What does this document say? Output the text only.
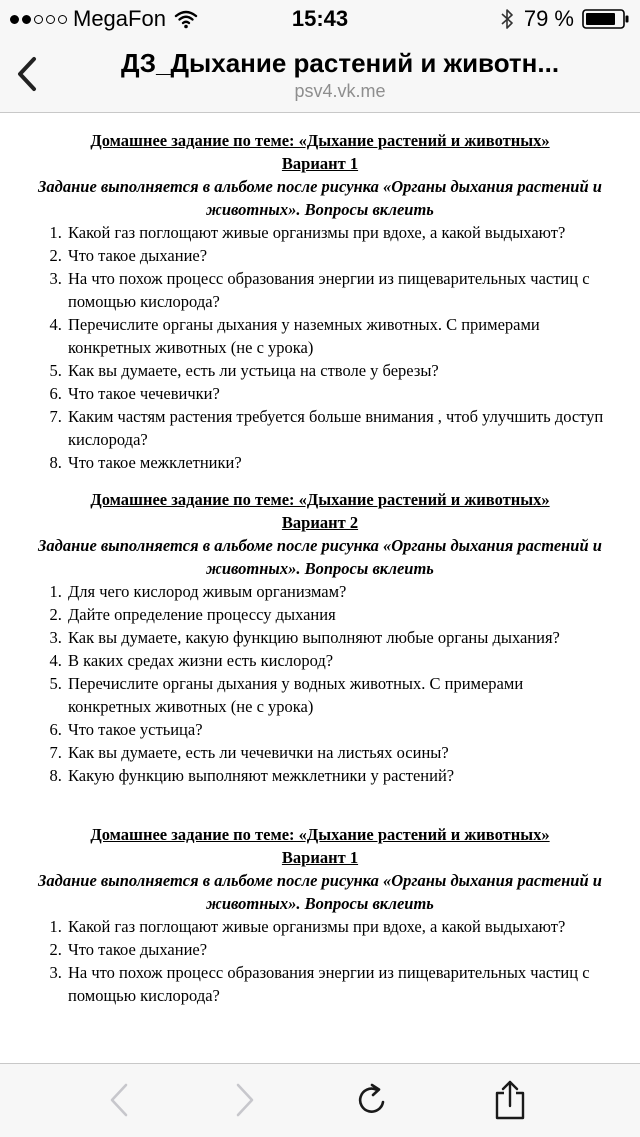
MegaFon	15:43	79 %
ДЗ_Дыхание растений и животн...
psv4.vk.me
Домашнее задание по теме: «Дыхание растений и животных»
Вариант 1
Задание выполняется в альбоме после рисунка «Органы дыхания растений и животных». Вопросы вклеить
1. Какой газ поглощают живые организмы при вдохе, а какой выдыхают?
2. Что такое дыхание?
3. На что похож процесс образования энергии из пищеварительных частиц с помощью кислорода?
4. Перечислите органы дыхания у наземных животных. С примерами конкретных животных (не с урока)
5. Как вы думаете, есть ли устьица на стволе у березы?
6. Что такое чечевички?
7. Каким частям растения требуется больше внимания , чтоб улучшить доступ кислорода?
8. Что такое межклетники?
Домашнее задание по теме: «Дыхание растений и животных»
Вариант 2
Задание выполняется в альбоме после рисунка «Органы дыхания растений и животных». Вопросы вклеить
1. Для чего кислород живым организмам?
2. Дайте определение процессу дыхания
3. Как вы думаете, какую функцию выполняют любые органы дыхания?
4. В каких средах жизни есть кислород?
5. Перечислите органы дыхания у водных животных. С примерами конкретных животных (не с урока)
6. Что такое устьица?
7. Как вы думаете, есть ли чечевички на листьях осины?
8. Какую функцию выполняют межклетники у растений?
Домашнее задание по теме: «Дыхание растений и животных»
Вариант 1
Задание выполняется в альбоме после рисунка «Органы дыхания растений и животных». Вопросы вклеить
1. Какой газ поглощают живые организмы при вдохе, а какой выдыхают?
2. Что такое дыхание?
3. На что похож процесс образования энергии из пищеварительных частиц с помощью кислорода?
